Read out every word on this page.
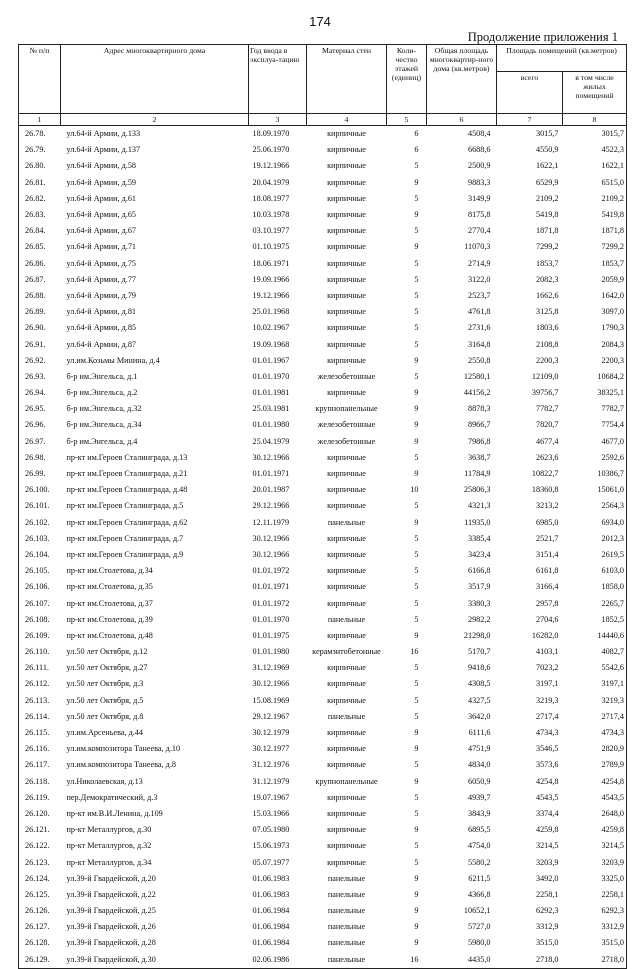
174
Продолжение приложения 1
№ п/п	Адрес многоквартирного дома	Год ввода в эксплуа-тацию	Материал стен	Коли-чество этажей (единиц)	Общая площадь многоквартир-ного дома (кв.метров)	Площадь помещений (кв.метров)	
						всего	в том числе жилых помещений
1	2	3	4	5	6	7	8
26.78.	ул.64-й Армии, д.133	18.09.1970	кирпичные	6	4508,4	3015,7	3015,7
26.79.	ул.64-й Армии, д.137	25.06.1970	кирпичные	6	6688,6	4550,9	4522,3
26.80.	ул.64-й Армии, д.58	19.12.1966	кирпичные	5	2500,9	1622,1	1622,1
26.81.	ул.64-й Армии, д.59	20.04.1979	кирпичные	9	9883,3	6529,9	6515,0
26.82.	ул.64-й Армии, д.61	18.08.1977	кирпичные	5	3149,9	2109,2	2109,2
26.83.	ул.64-й Армии, д.65	10.03.1978	кирпичные	9	8175,8	5419,8	5419,8
26.84.	ул.64-й Армии, д.67	03.10.1977	кирпичные	5	2770,4	1871,8	1871,8
26.85.	ул.64-й Армии, д.71	01.10.1975	кирпичные	9	11070,3	7299,2	7299,2
26.86.	ул.64-й Армии, д.75	18.06.1971	кирпичные	5	2714,9	1853,7	1853,7
26.87.	ул.64-й Армии, д.77	19.09.1966	кирпичные	5	3122,0	2082,3	2059,9
26.88.	ул.64-й Армии, д.79	19.12.1966	кирпичные	5	2523,7	1662,6	1642,0
26.89.	ул.64-й Армии, д.81	25.01.1968	кирпичные	5	4761,8	3125,8	3097,0
26.90.	ул.64-й Армии, д.85	10.02.1967	кирпичные	5	2731,6	1803,6	1790,3
26.91.	ул.64-й Армии, д.87	19.09.1968	кирпичные	5	3164,8	2108,8	2084,3
26.92.	ул.им.Козьмы Минина, д.4	01.01.1967	кирпичные	9	2550,8	2200,3	2200,3
26.93.	б-р им.Энгельса, д.1	01.01.1970	железобетонные	5	12580,1	12109,0	10684,2
26.94.	б-р им.Энгельса, д.2	01.01.1981	кирпичные	9	44156,2	39756,7	38325,1
26.95.	б-р им.Энгельса, д.32	25.03.1981	крупнопанельные	9	8878,3	7782,7	7782,7
26.96.	б-р им.Энгельса, д.34	01.01.1980	железобетонные	9	8966,7	7820,7	7754,4
26.97.	б-р им.Энгельса, д.4	25.04.1979	железобетонные	9	7986,8	4677,4	4677,0
26.98.	пр-кт им.Героев Сталинграда, д.13	30.12.1966	кирпичные	5	3638,7	2623,6	2592,6
26.99.	пр-кт им.Героев Сталинграда, д.21	01.01.1971	кирпичные	9	11784,9	10822,7	10386,7
26.100.	пр-кт им.Героев Сталинграда, д.48	20.01.1987	кирпичные	10	25806,3	18360,8	15061,0
26.101.	пр-кт им.Героев Сталинграда, д.5	29.12.1966	кирпичные	5	4321,3	3213,2	2564,3
26.102.	пр-кт им.Героев Сталинграда, д.62	12.11.1979	панельные	9	11935,0	6985,0	6934,0
26.103.	пр-кт им.Героев Сталинграда, д.7	30.12.1966	кирпичные	5	3385,4	2521,7	2012,3
26.104.	пр-кт им.Героев Сталинграда, д.9	30.12.1966	кирпичные	5	3423,4	3151,4	2619,5
26.105.	пр-кт им.Столетова, д.34	01.01.1972	кирпичные	5	6166,8	6161,8	6103,0
26.106.	пр-кт им.Столетова, д.35	01.01.1971	кирпичные	5	3517,9	3166,4	1858,0
26.107.	пр-кт им.Столетова, д.37	01.01.1972	кирпичные	5	3380,3	2957,8	2265,7
26.108.	пр-кт им.Столетова, д.39	01.01.1970	панельные	5	2982,2	2704,6	1852,5
26.109.	пр-кт им.Столетова, д.48	01.01.1975	кирпичные	9	21298,0	16282,0	14440,6
26.110.	ул.50 лет Октября, д.12	01.01.1980	керамзитобетонные	16	5170,7	4103,1	4082,7
26.111.	ул.50 лет Октября, д.27	31.12.1969	кирпичные	5	9418,6	7023,2	5542,6
26.112.	ул.50 лет Октября, д.3	30.12.1966	кирпичные	5	4308,5	3197,1	3197,1
26.113.	ул.50 лет Октября, д.5	15.08.1969	кирпичные	5	4327,5	3219,3	3219,3
26.114.	ул.50 лет Октября, д.8	29.12.1967	панельные	5	3642,0	2717,4	2717,4
26.115.	ул.им.Арсеньева, д.44	30.12.1979	кирпичные	9	6111,6	4734,3	4734,3
26.116.	ул.им.композитора Танеева, д.10	30.12.1977	кирпичные	9	4751,9	3546,5	2820,9
26.117.	ул.им.композитора Танеева, д.8	31.12.1976	кирпичные	5	4834,0	3573,6	2789,9
26.118.	ул.Николаевская, д.13	31.12.1979	крупнопанельные	9	6050,9	4254,8	4254,8
26.119.	пер.Демократический, д.3	19.07.1967	кирпичные	5	4939,7	4543,5	4543,5
26.120.	пр-кт им.В.И.Ленина, д.109	15.03.1966	кирпичные	5	3843,9	3374,4	2648,0
26.121.	пр-кт Металлургов, д.30	07.05.1980	кирпичные	9	6895,5	4259,8	4259,8
26.122.	пр-кт Металлургов, д.32	15.06.1973	кирпичные	5	4754,0	3214,5	3214,5
26.123.	пр-кт Металлургов, д.34	05.07.1977	кирпичные	5	5580,2	3203,9	3203,9
26.124.	ул.39-й Гвардейской, д.20	01.06.1983	панельные	9	6211,5	3492,0	3325,0
26.125.	ул.39-й Гвардейской, д.22	01.06.1983	панельные	9	4366,8	2258,1	2258,1
26.126.	ул.39-й Гвардейской, д.25	01.06.1984	панельные	9	10652,1	6292,3	6292,3
26.127.	ул.39-й Гвардейской, д.26	01.06.1984	панельные	9	5727,0	3312,9	3312,9
26.128.	ул.39-й Гвардейской, д.28	01.06.1984	панельные	9	5980,0	3515,0	3515,0
26.129.	ул.39-й Гвардейской, д.30	02.06.1986	панельные	16	4435,0	2718,0	2718,0
